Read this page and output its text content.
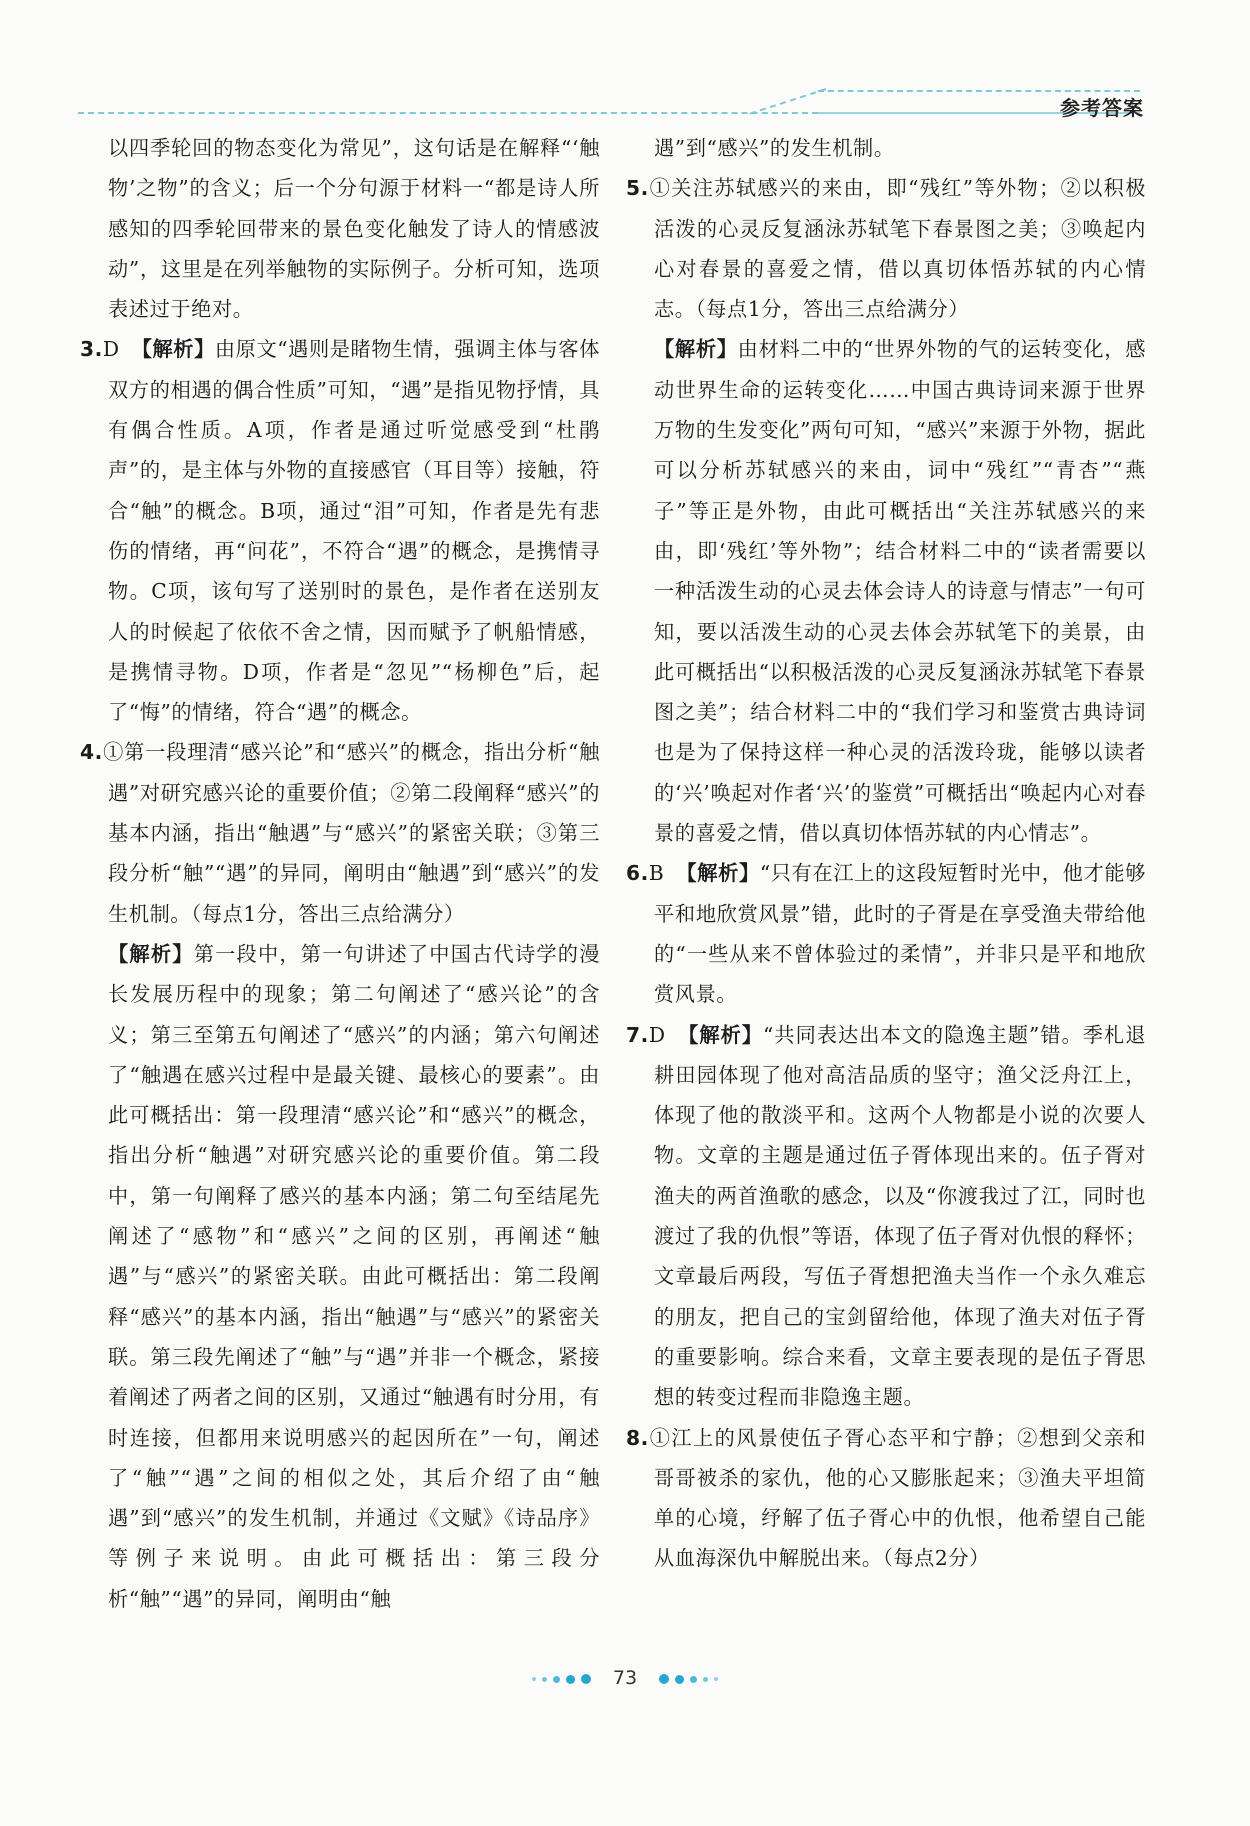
参考答案

以四季轮回的物态变化为常见”，这句话是在解释“‘触物’之物”的含义；后一个分句源于材料一“都是诗人所感知的四季轮回带来的景色变化触发了诗人的情感波动”，这里是在列举触物的实际例子。分析可知，选项表述过于绝对。

3.D 【解析】由原文“遇则是睹物生情，强调主体与客体双方的相遇的偶合性质”可知，“遇”是指见物抒情，具有偶合性质。A项，作者是通过听觉感受到“杜鹃声”的，是主体与外物的直接感官（耳目等）接触，符合“触”的概念。B项，通过“泪”可知，作者是先有悲伤的情绪，再“问花”，不符合“遇”的概念，是携情寻物。C项，该句写了送别时的景色，是作者在送别友人的时候起了依依不舍之情，因而赋予了帆船情感，是携情寻物。D项，作者是“忽见”“杨柳色”后，起了“悔”的情绪，符合“遇”的概念。

4.①第一段理清“感兴论”和“感兴”的概念，指出分析“触遇”对研究感兴论的重要价值；②第二段阐释“感兴”的基本内涵，指出“触遇”与“感兴”的紧密关联；③第三段分析“触”“遇”的异同，阐明由“触遇”到“感兴”的发生机制。（每点1分，答出三点给满分）

【解析】第一段中，第一句讲述了中国古代诗学的漫长发展历程中的现象；第二句阐述了“感兴论”的含义；第三至第五句阐述了“感兴”的内涵；第六句阐述了“触遇在感兴过程中是最关键、最核心的要素”。由此可概括出：第一段理清“感兴论”和“感兴”的概念，指出分析“触遇”对研究感兴论的重要价值。第二段中，第一句阐释了感兴的基本内涵；第二句至结尾先阐述了“感物”和“感兴”之间的区别，再阐述“触遇”与“感兴”的紧密关联。由此可概括出：第二段阐释“感兴”的基本内涵，指出“触遇”与“感兴”的紧密关联。第三段先阐述了“触”与“遇”并非一个概念，紧接着阐述了两者之间的区别，又通过“触遇有时分用，有时连接，但都用来说明感兴的起因所在”一句，阐述了“触”“遇”之间的相似之处，其后介绍了由“触遇”到“感兴”的发生机制，并通过《文赋》《诗品序》等例子来说明。由此可概括出：第三段分析“触”“遇”的异同，阐明由“触

遇”到“感兴”的发生机制。

5.①关注苏轼感兴的来由，即“残红”等外物；②以积极活泼的心灵反复涵泳苏轼笔下春景图之美；③唤起内心对春景的喜爱之情，借以真切体悟苏轼的内心情志。（每点1分，答出三点给满分）

【解析】由材料二中的“世界外物的气的运转变化，感动世界生命的运转变化……中国古典诗词来源于世界万物的生发变化”两句可知，“感兴”来源于外物，据此可以分析苏轼感兴的来由，词中“残红”“青杏”“燕子”等正是外物，由此可概括出“关注苏轼感兴的来由，即‘残红’等外物”；结合材料二中的“读者需要以一种活泼生动的心灵去体会诗人的诗意与情志”一句可知，要以活泼生动的心灵去体会苏轼笔下的美景，由此可概括出“以积极活泼的心灵反复涵泳苏轼笔下春景图之美”；结合材料二中的“我们学习和鉴赏古典诗词也是为了保持这样一种心灵的活泼玲珑，能够以读者的‘兴’唤起对作者‘兴’的鉴赏”可概括出“唤起内心对春景的喜爱之情，借以真切体悟苏轼的内心情志”。

6.B 【解析】“只有在江上的这段短暂时光中，他才能够平和地欣赏风景”错，此时的子胥是在享受渔夫带给他的“一些从来不曾体验过的柔情”，并非只是平和地欣赏风景。

7.D 【解析】“共同表达出本文的隐逸主题”错。季札退耕田园体现了他对高洁品质的坚守；渔父泛舟江上，体现了他的散淡平和。这两个人物都是小说的次要人物。文章的主题是通过伍子胥体现出来的。伍子胥对渔夫的两首渔歌的感念，以及“你渡我过了江，同时也渡过了我的仇恨”等语，体现了伍子胥对仇恨的释怀；文章最后两段，写伍子胥想把渔夫当作一个永久难忘的朋友，把自己的宝剑留给他，体现了渔夫对伍子胥的重要影响。综合来看，文章主要表现的是伍子胥思想的转变过程而非隐逸主题。

8.①江上的风景使伍子胥心态平和宁静；②想到父亲和哥哥被杀的家仇，他的心又膨胀起来；③渔夫平坦简单的心境，纾解了伍子胥心中的仇恨，他希望自己能从血海深仇中解脱出来。（每点2分）

73
